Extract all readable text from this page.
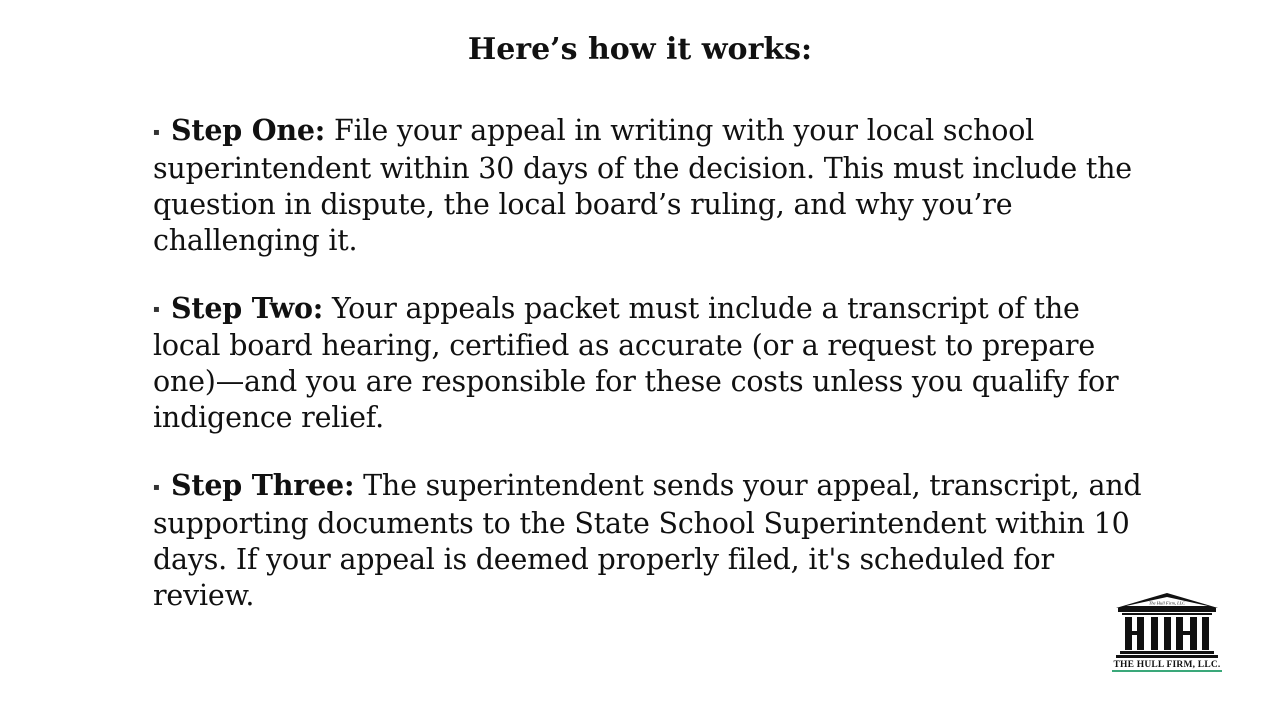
Here’s how it works:
▪ Step One: File your appeal in writing with your local school superintendent within 30 days of the decision. This must include the question in dispute, the local board’s ruling, and why you’re challenging it.
▪ Step Two: Your appeals packet must include a transcript of the local board hearing, certified as accurate (or a request to prepare one)—and you are responsible for these costs unless you qualify for indigence relief.
▪ Step Three: The superintendent sends your appeal, transcript, and supporting documents to the State School Superintendent within 10 days. If your appeal is deemed properly filed, it's scheduled for review.	The Hull Firm, LLC

THE HULL FIRM, LLC.
